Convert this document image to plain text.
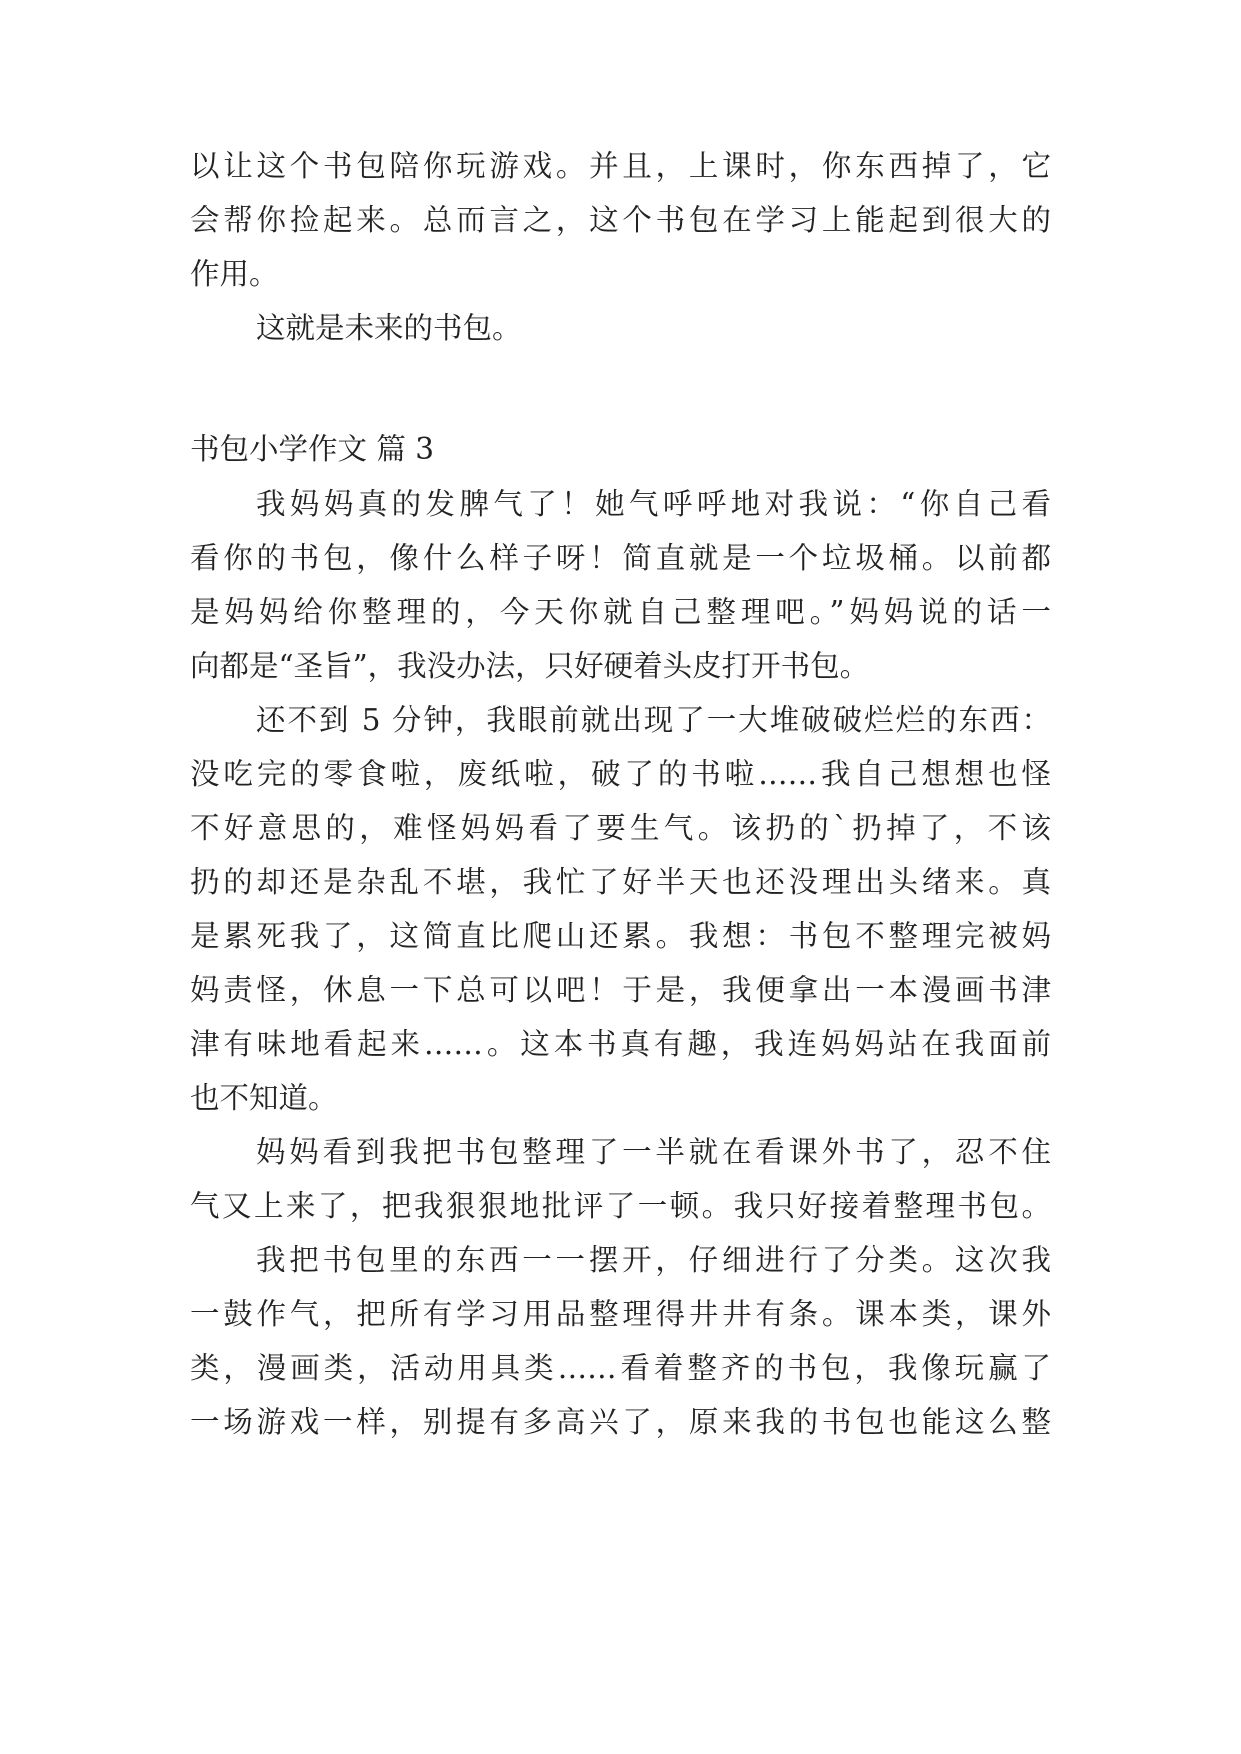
以让这个书包陪你玩游戏。并且，上课时，你东西掉了，它

会帮你捡起来。总而言之，这个书包在学习上能起到很大的

作用。

这就是未来的书包。

书包小学作文 篇 3

我妈妈真的发脾气了！她气呼呼地对我说：“你自己看

看你的书包，像什么样子呀！简直就是一个垃圾桶。以前都

是妈妈给你整理的，今天你就自己整理吧。”妈妈说的话一

向都是“圣旨”，我没办法，只好硬着头皮打开书包。

还不到 5 分钟，我眼前就出现了一大堆破破烂烂的东西：

没吃完的零食啦，废纸啦，破了的书啦……我自己想想也怪

不好意思的，难怪妈妈看了要生气。该扔的`扔掉了，不该

扔的却还是杂乱不堪，我忙了好半天也还没理出头绪来。真

是累死我了，这简直比爬山还累。我想：书包不整理完被妈

妈责怪，休息一下总可以吧！于是，我便拿出一本漫画书津

津有味地看起来……。这本书真有趣，我连妈妈站在我面前

也不知道。

妈妈看到我把书包整理了一半就在看课外书了，忍不住

气又上来了，把我狠狠地批评了一顿。我只好接着整理书包。

我把书包里的东西一一摆开，仔细进行了分类。这次我

一鼓作气，把所有学习用品整理得井井有条。课本类，课外

类，漫画类，活动用具类……看着整齐的书包，我像玩赢了

一场游戏一样，别提有多高兴了，原来我的书包也能这么整
